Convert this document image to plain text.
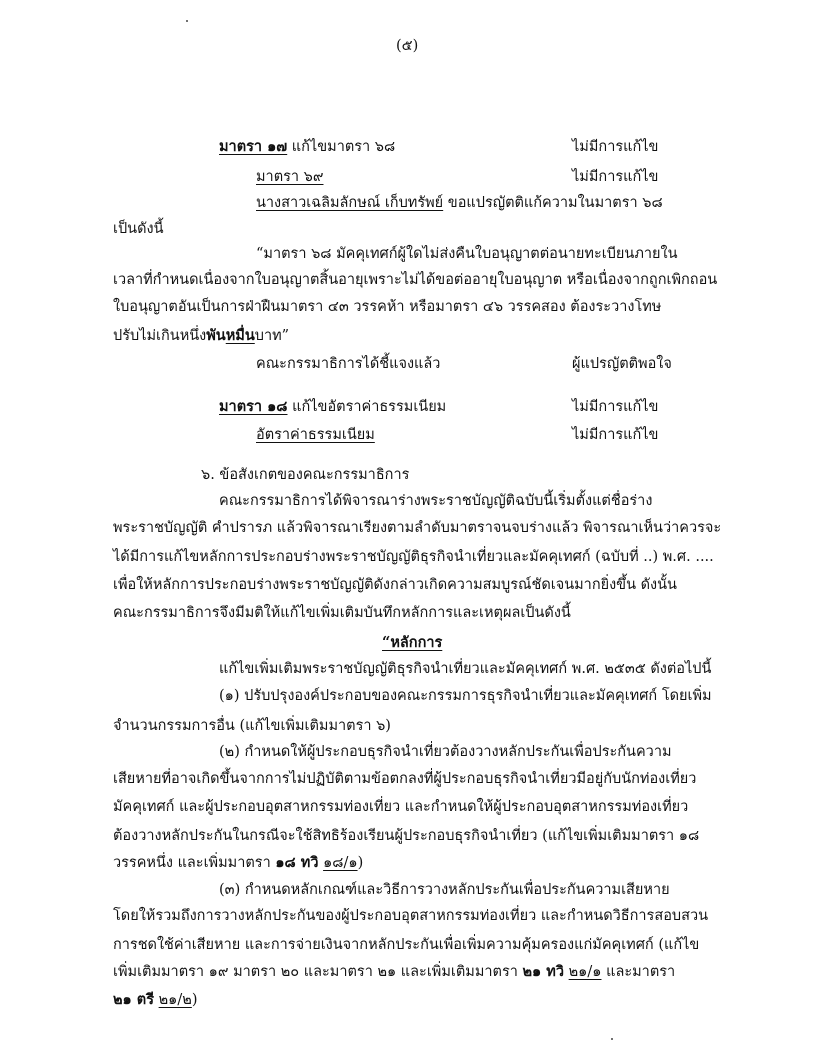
(๕)
มาตรา ๑๗ แก้ไขมาตรา ๖๘	ไม่มีการแก้ไข
มาตรา ๖๙	ไม่มีการแก้ไข
นางสาวเฉลิมลักษณ์ เก็บทรัพย์ ขอแปรญัตติแก้ความในมาตรา ๖๘
เป็นดังนี้
“มาตรา ๖๘ มัคคุเทศก์ผู้ใดไม่ส่งคืนใบอนุญาตต่อนายทะเบียนภายใน
เวลาที่กำหนดเนื่องจากใบอนุญาตสิ้นอายุเพราะไม่ได้ขอต่ออายุใบอนุญาต หรือเนื่องจากถูกเพิกถอน
ใบอนุญาตอันเป็นการฝ่าฝืนมาตรา ๔๓ วรรคห้า หรือมาตรา ๔๖ วรรคสอง ต้องระวางโทษ
ปรับไม่เกินหนึ่งพันหมื่นบาท”
คณะกรรมาธิการได้ชี้แจงแล้ว	ผู้แปรญัตติพอใจ
มาตรา ๑๘ แก้ไขอัตราค่าธรรมเนียม	ไม่มีการแก้ไข
อัตราค่าธรรมเนียม	ไม่มีการแก้ไข
๖. ข้อสังเกตของคณะกรรมาธิการ
คณะกรรมาธิการได้พิจารณาร่างพระราชบัญญัติฉบับนี้เริ่มตั้งแต่ชื่อร่าง
พระราชบัญญัติ คำปรารภ แล้วพิจารณาเรียงตามลำดับมาตราจนจบร่างแล้ว พิจารณาเห็นว่าควรจะ
ได้มีการแก้ไขหลักการประกอบร่างพระราชบัญญัติธุรกิจนำเที่ยวและมัคคุเทศก์ (ฉบับที่ ..) พ.ศ. ....
เพื่อให้หลักการประกอบร่างพระราชบัญญัติดังกล่าวเกิดความสมบูรณ์ชัดเจนมากยิ่งขึ้น ดังนั้น
คณะกรรมาธิการจึงมีมติให้แก้ไขเพิ่มเติมบันทึกหลักการและเหตุผลเป็นดังนี้
“หลักการ
แก้ไขเพิ่มเติมพระราชบัญญัติธุรกิจนำเที่ยวและมัคคุเทศก์ พ.ศ. ๒๕๓๕ ดังต่อไปนี้
(๑) ปรับปรุงองค์ประกอบของคณะกรรมการธุรกิจนำเที่ยวและมัคคุเทศก์ โดยเพิ่ม
จำนวนกรรมการอื่น (แก้ไขเพิ่มเติมมาตรา ๖)
(๒) กำหนดให้ผู้ประกอบธุรกิจนำเที่ยวต้องวางหลักประกันเพื่อประกันความ
เสียหายที่อาจเกิดขึ้นจากการไม่ปฏิบัติตามข้อตกลงที่ผู้ประกอบธุรกิจนำเที่ยวมีอยู่กับนักท่องเที่ยว
มัคคุเทศก์ และผู้ประกอบอุตสาหกรรมท่องเที่ยว และกำหนดให้ผู้ประกอบอุตสาหกรรมท่องเที่ยว
ต้องวางหลักประกันในกรณีจะใช้สิทธิร้องเรียนผู้ประกอบธุรกิจนำเที่ยว (แก้ไขเพิ่มเติมมาตรา ๑๘
วรรคหนึ่ง และเพิ่มมาตรา ๑๘ ทวิ ๑๘/๑)
(๓) กำหนดหลักเกณฑ์และวิธีการวางหลักประกันเพื่อประกันความเสียหาย
โดยให้รวมถึงการวางหลักประกันของผู้ประกอบอุตสาหกรรมท่องเที่ยว และกำหนดวิธีการสอบสวน
การชดใช้ค่าเสียหาย และการจ่ายเงินจากหลักประกันเพื่อเพิ่มความคุ้มครองแก่มัคคุเทศก์ (แก้ไข
เพิ่มเติมมาตรา ๑๙ มาตรา ๒๐ และมาตรา ๒๑ และเพิ่มเติมมาตรา ๒๑ ทวิ ๒๑/๑ และมาตรา
๒๑ ตรี ๒๑/๒)
